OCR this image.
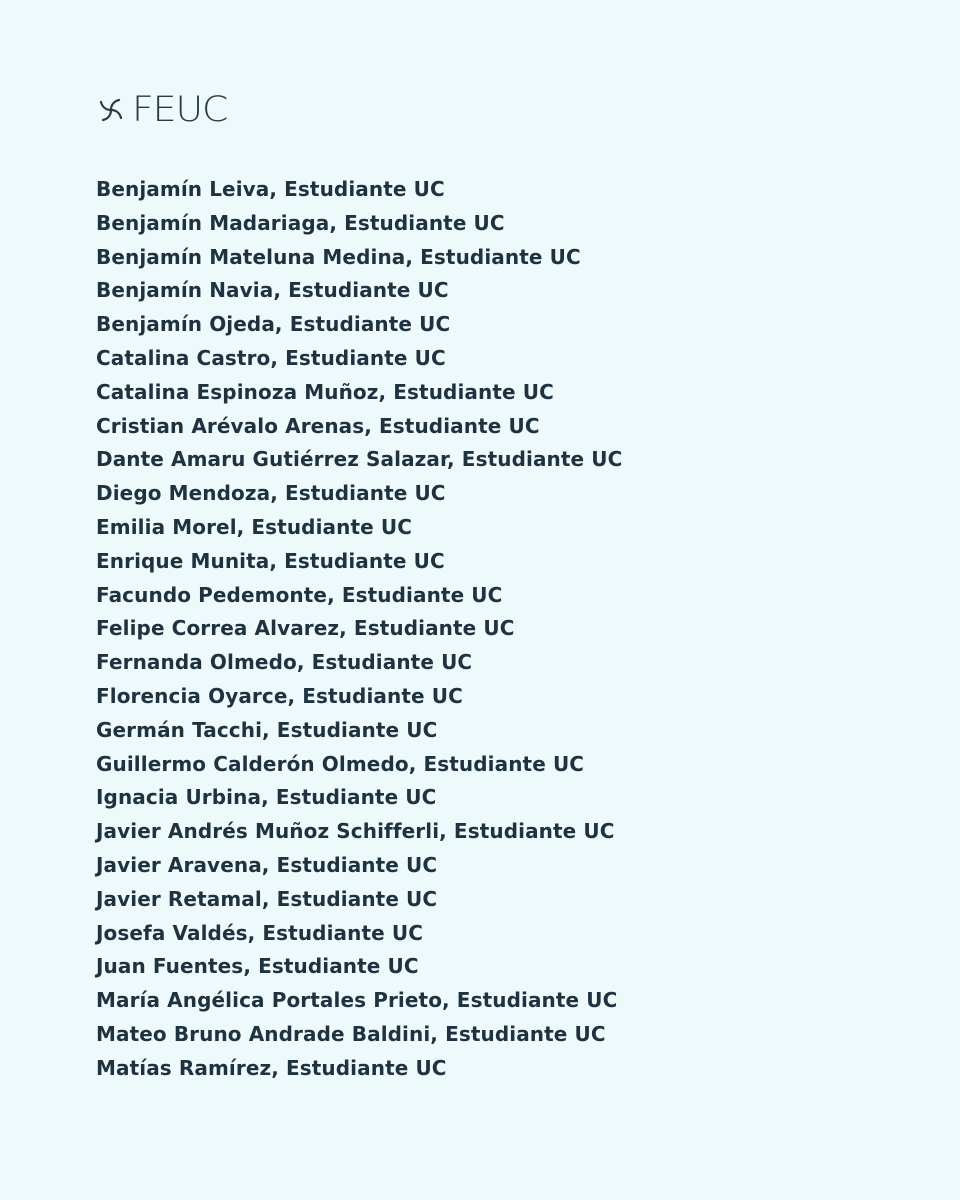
FEUC
Benjamín Leiva, Estudiante UC
Benjamín Madariaga, Estudiante UC
Benjamín Mateluna Medina, Estudiante UC
Benjamín Navia, Estudiante UC
Benjamín Ojeda, Estudiante UC
Catalina Castro, Estudiante UC
Catalina Espinoza Muñoz, Estudiante UC
Cristian Arévalo Arenas, Estudiante UC
Dante Amaru Gutiérrez Salazar, Estudiante UC
Diego Mendoza, Estudiante UC
Emilia Morel, Estudiante UC
Enrique Munita, Estudiante UC
Facundo Pedemonte, Estudiante UC
Felipe Correa Alvarez, Estudiante UC
Fernanda Olmedo, Estudiante UC
Florencia Oyarce, Estudiante UC
Germán Tacchi, Estudiante UC
Guillermo Calderón Olmedo, Estudiante UC
Ignacia Urbina, Estudiante UC
Javier Andrés Muñoz Schifferli, Estudiante UC
Javier Aravena, Estudiante UC
Javier Retamal, Estudiante UC
Josefa Valdés, Estudiante UC
Juan Fuentes, Estudiante UC
María Angélica Portales Prieto, Estudiante UC
Mateo Bruno Andrade Baldini, Estudiante UC
Matías Ramírez, Estudiante UC
